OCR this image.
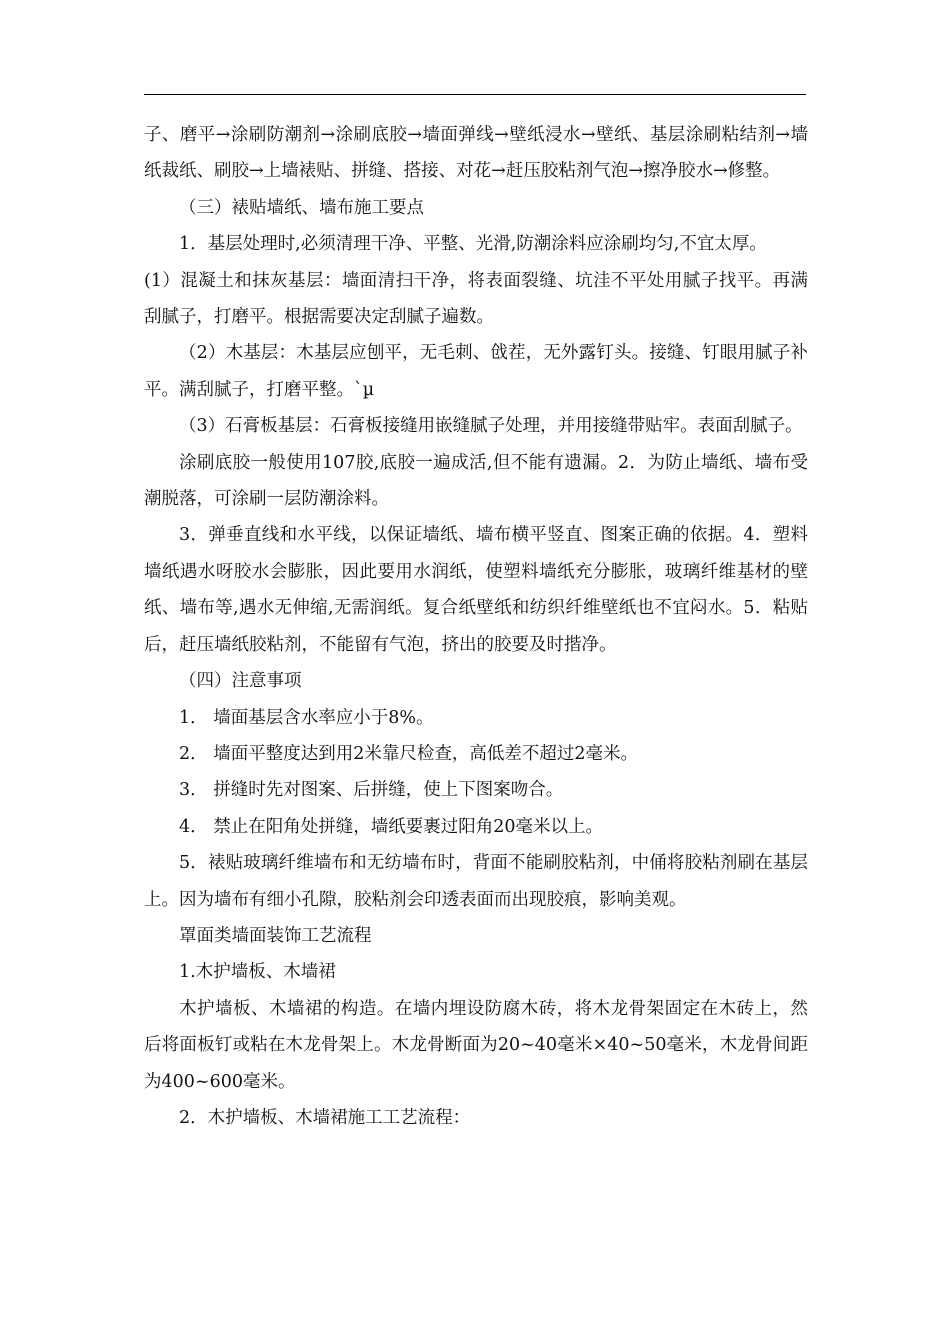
子、磨平→涂刷防潮剂→涂刷底胶→墙面弹线→壁纸浸水→壁纸、基层涂刷粘结剂→墙纸裁纸、刷胶→上墙裱贴、拼缝、搭接、对花→赶压胶粘剂气泡→擦净胶水→修整。

（三）裱贴墙纸、墙布施工要点

1．基层处理时,必须清理干净、平整、光滑,防潮涂料应涂刷均匀,不宜太厚。

(1）混凝土和抹灰基层：墙面清扫干净，将表面裂缝、坑洼不平处用腻子找平。再满刮腻子，打磨平。根据需要决定刮腻子遍数。

（2）木基层：木基层应刨平，无毛刺、戗茬，无外露钉头。接缝、钉眼用腻子补平。满刮腻子，打磨平整。`µ

（3）石膏板基层：石膏板接缝用嵌缝腻子处理，并用接缝带贴牢。表面刮腻子。

涂刷底胶一般使用107胶,底胶一遍成活,但不能有遗漏。2．为防止墙纸、墙布受潮脱落，可涂刷一层防潮涂料。

3．弹垂直线和水平线，以保证墙纸、墙布横平竖直、图案正确的依据。4．塑料墙纸遇水呀胶水会膨胀，因此要用水润纸，使塑料墙纸充分膨胀，玻璃纤维基材的壁纸、墙布等,遇水无伸缩,无需润纸。复合纸壁纸和纺织纤维壁纸也不宜闷水。5．粘贴后，赶压墙纸胶粘剂，不能留有气泡，挤出的胶要及时揩净。

（四）注意事项

1． 墙面基层含水率应小于8%。

2． 墙面平整度达到用2米靠尺检查，高低差不超过2毫米。

3． 拼缝时先对图案、后拼缝，使上下图案吻合。

4． 禁止在阳角处拼缝，墙纸要裹过阳角20毫米以上。

5．裱贴玻璃纤维墙布和无纺墙布时，背面不能刷胶粘剂，中俑将胶粘剂刷在基层上。因为墙布有细小孔隙，胶粘剂会印透表面而出现胶痕，影响美观。

罩面类墙面装饰工艺流程

1.木护墙板、木墙裙

木护墙板、木墙裙的构造。在墙内埋设防腐木砖，将木龙骨架固定在木砖上，然后将面板钉或粘在木龙骨架上。木龙骨断面为20~40毫米×40~50毫米，木龙骨间距为400~600毫米。

2．木护墙板、木墙裙施工工艺流程：
